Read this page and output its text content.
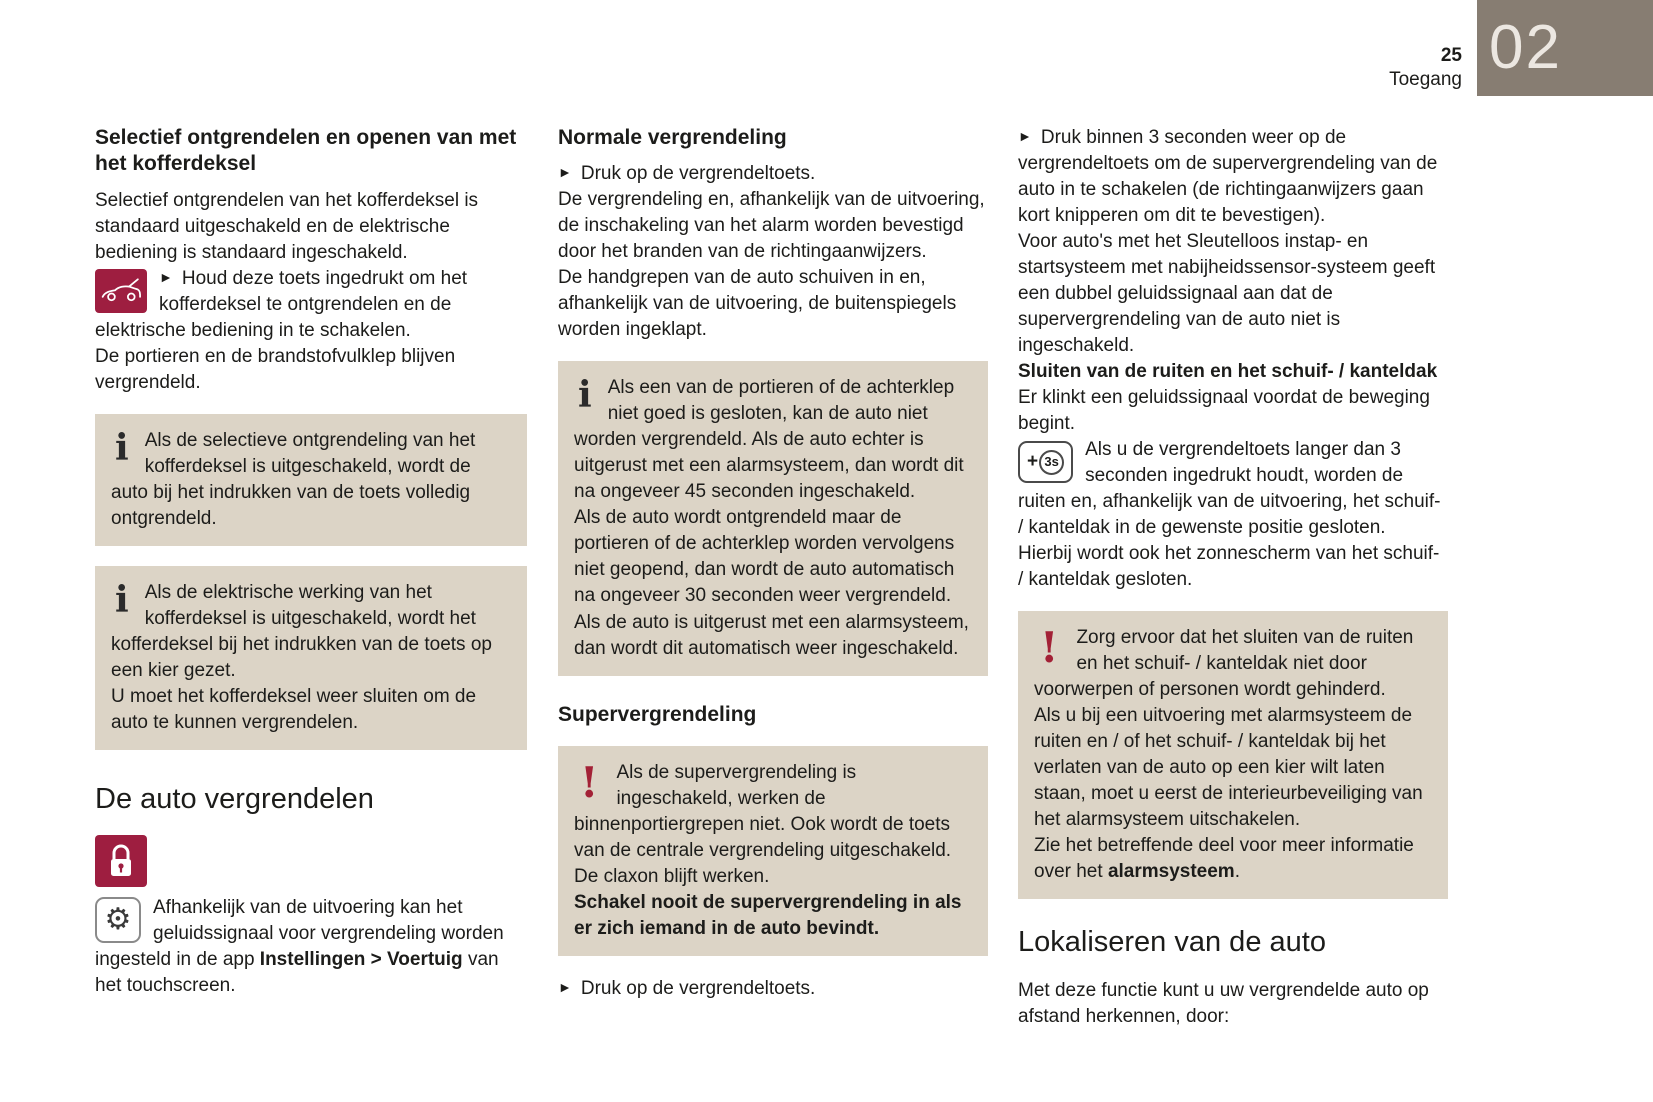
02
25
Toegang
Selectief ontgrendelen en openen van met het kofferdeksel

Selectief ontgrendelen van het kofferdeksel is standaard uitgeschakeld en de elektrische bediening is standaard ingeschakeld.

► Houd deze toets ingedrukt om het kofferdeksel te ontgrendelen en de elektrische bediening in te schakelen.

De portieren en de brandstofvulklep blijven vergrendeld.

i Als de selectieve ontgrendeling van het kofferdeksel is uitgeschakeld, wordt de auto bij het indrukken van de toets volledig ontgrendeld.

i Als de elektrische werking van het kofferdeksel is uitgeschakeld, wordt het kofferdeksel bij het indrukken van de toets op een kier gezet.

U moet het kofferdeksel weer sluiten om de auto te kunnen vergrendelen.

De auto vergrendelen
⚙	Afhankelijk van de uitvoering kan het geluidssignaal voor vergrendeling worden ingesteld in de app Instellingen > Voertuig van het touchscreen.
Normale vergrendeling

► Druk op de vergrendeltoets.

De vergrendeling en, afhankelijk van de uitvoering, de inschakeling van het alarm worden bevestigd door het branden van de richtingaanwijzers.

De handgrepen van de auto schuiven in en, afhankelijk van de uitvoering, de buitenspiegels worden ingeklapt.

i Als een van de portieren of de achterklep niet goed is gesloten, kan de auto niet worden vergrendeld. Als de auto echter is uitgerust met een alarmsysteem, dan wordt dit na ongeveer 45 seconden ingeschakeld.

Als de auto wordt ontgrendeld maar de portieren of de achterklep worden vervolgens niet geopend, dan wordt de auto automatisch na ongeveer 30 seconden weer vergrendeld. Als de auto is uitgerust met een alarmsysteem, dan wordt dit automatisch weer ingeschakeld.

Supervergrendeling
! Als de supervergrendeling is ingeschakeld, werken de binnenportiergrepen niet. Ook wordt de toets van de centrale vergrendeling uitgeschakeld.

De claxon blijft werken.

Schakel nooit de supervergrendeling in als er zich iemand in de auto bevindt.

► Druk op de vergrendeltoets.

► Druk binnen 3 seconden weer op de vergrendeltoets om de supervergrendeling van de auto in te schakelen (de richtingaanwijzers gaan kort knipperen om dit te bevestigen).

Voor auto's met het Sleutelloos instap- en startsysteem met nabijheidssensor-systeem geeft een dubbel geluidssignaal aan dat de supervergrendeling van de auto niet is ingeschakeld.

Sluiten van de ruiten en het schuif- / kanteldak

Er klinkt een geluidssignaal voordat de beweging begint.

+ 3s
Als u de vergrendeltoets langer dan 3 seconden ingedrukt houdt, worden de ruiten en, afhankelijk van de uitvoering, het schuif- / kanteldak in de gewenste positie gesloten.

Hierbij wordt ook het zonnescherm van het schuif- / kanteldak gesloten.

! Zorg ervoor dat het sluiten van de ruiten en het schuif- / kanteldak niet door voorwerpen of personen wordt gehinderd.

Als u bij een uitvoering met alarmsysteem de ruiten en / of het schuif- / kanteldak bij het verlaten van de auto op een kier wilt laten staan, moet u eerst de interieurbeveiliging van het alarmsysteem uitschakelen.

Zie het betreffende deel voor meer informatie over het alarmsysteem.

Lokaliseren van de auto

Met deze functie kunt u uw vergrendelde auto op afstand herkennen, door:
